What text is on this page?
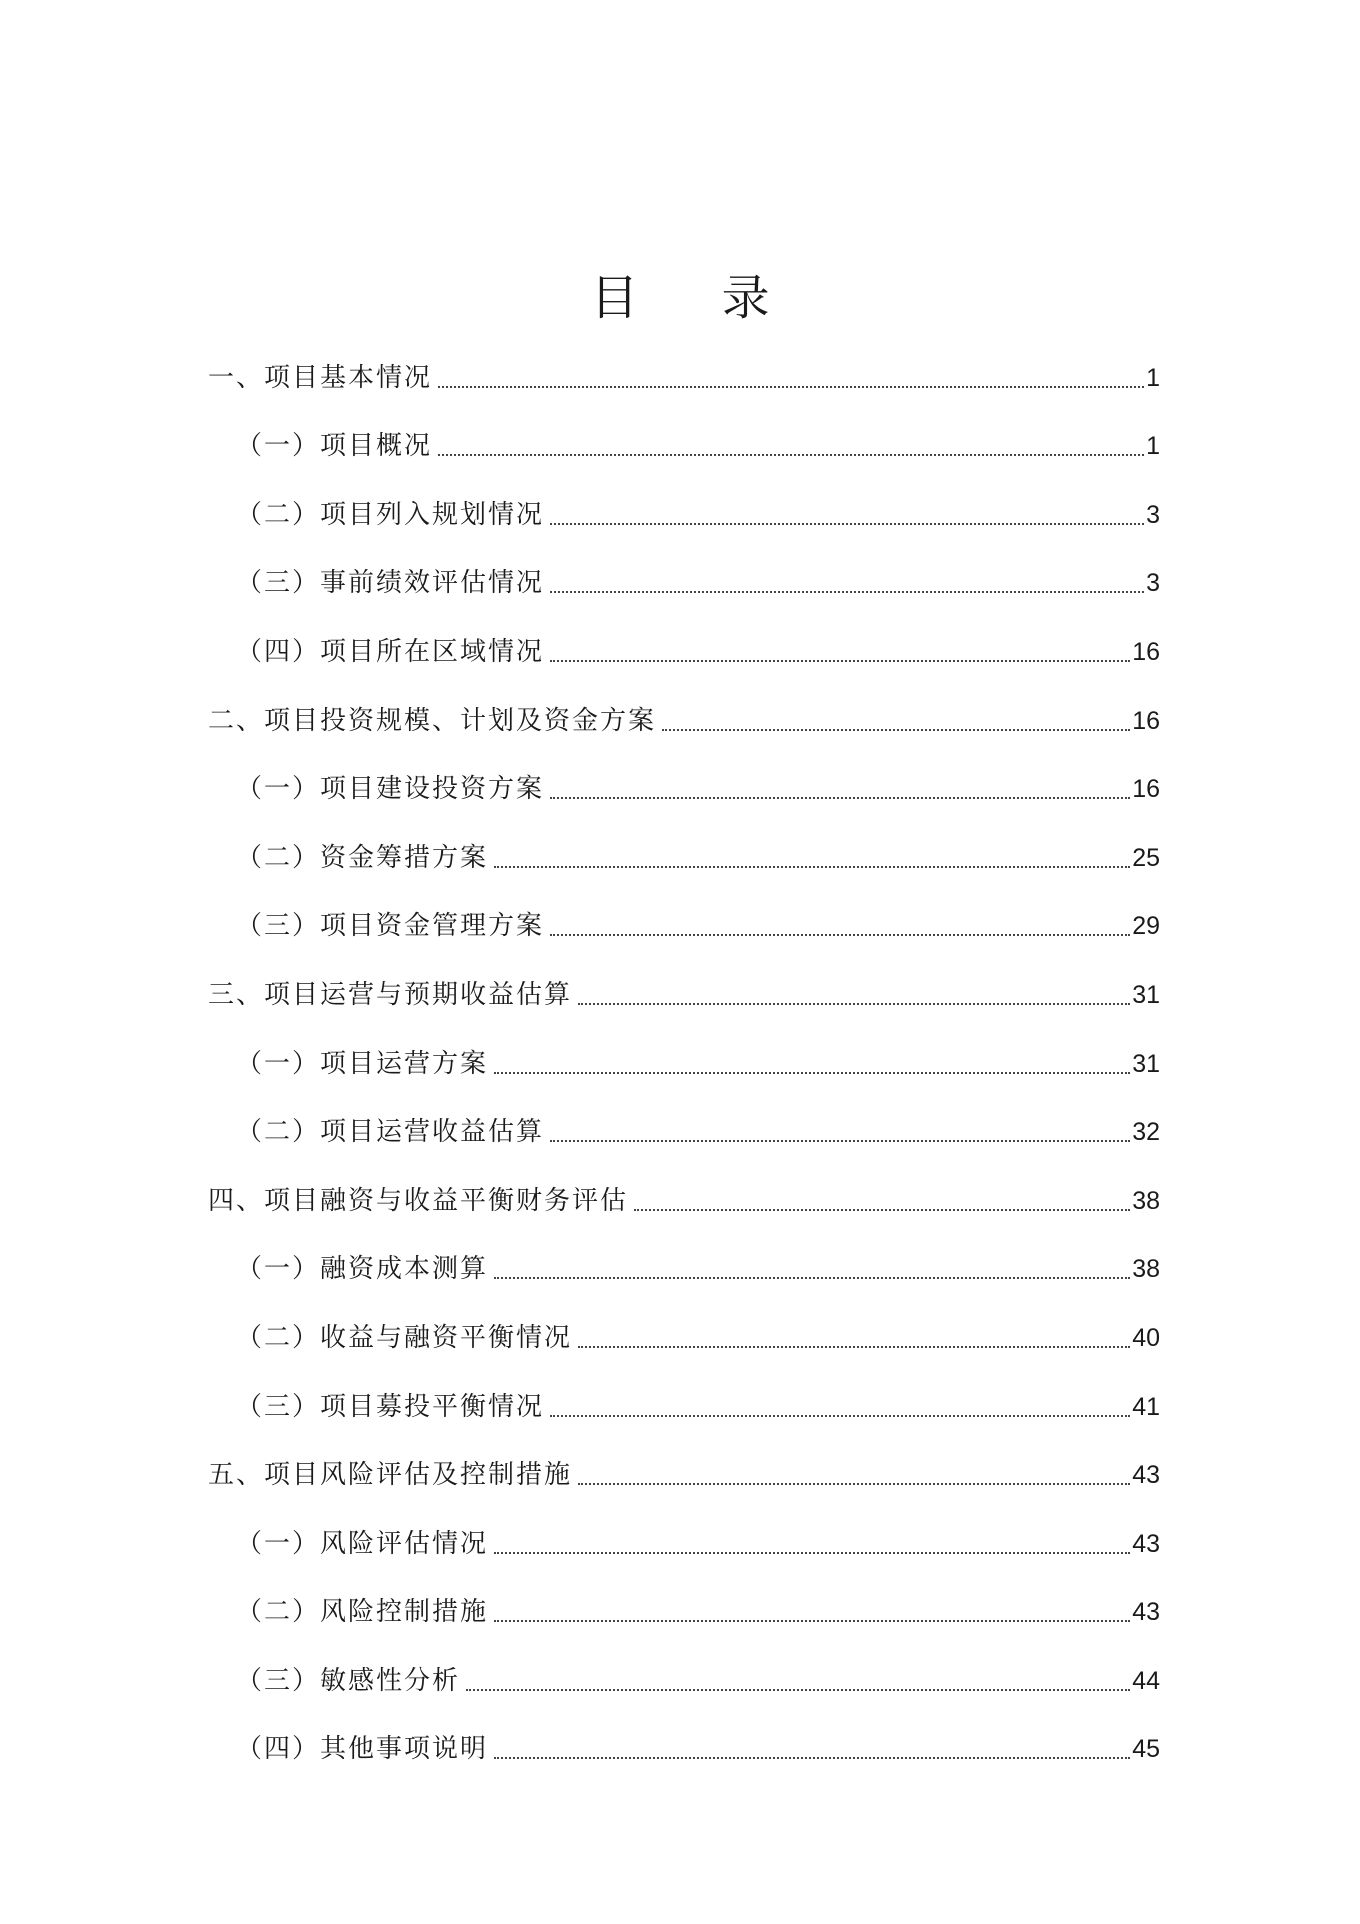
目 录
一、项目基本情况	1
（一）项目概况	1
（二）项目列入规划情况	3
（三）事前绩效评估情况	3
（四）项目所在区域情况	16
二、项目投资规模、计划及资金方案	16
（一）项目建设投资方案	16
（二）资金筹措方案	25
（三）项目资金管理方案	29
三、项目运营与预期收益估算	31
（一）项目运营方案	31
（二）项目运营收益估算	32
四、项目融资与收益平衡财务评估	38
（一）融资成本测算	38
（二）收益与融资平衡情况	40
（三）项目募投平衡情况	41
五、项目风险评估及控制措施	43
（一）风险评估情况	43
（二）风险控制措施	43
（三）敏感性分析	44
（四）其他事项说明	45
